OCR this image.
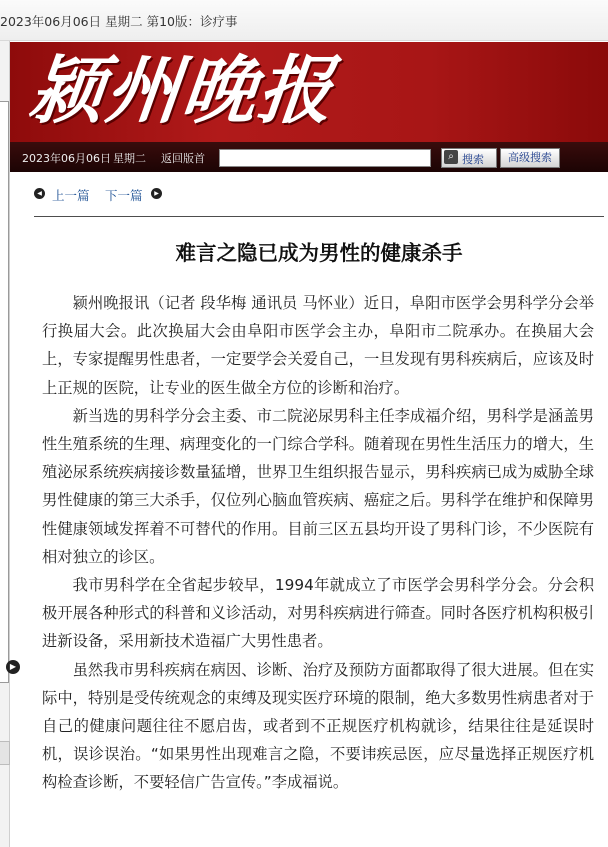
2023年06月06日 星期二 第10版：诊疗事
▶
颍州晚报
2023年06月06日 星期二 返回版首	⌕ 搜索	高级搜索
◀ 上一篇 下一篇	▶
难言之隐已成为男性的健康杀手

颍州晚报讯（记者 段华梅 通讯员 马怀业）近日，阜阳市医学会男科学分会举行换届大会。此次换届大会由阜阳市医学会主办，阜阳市二院承办。在换届大会上，专家提醒男性患者，一定要学会关爱自己，一旦发现有男科疾病后，应该及时上正规的医院，让专业的医生做全方位的诊断和治疗。

新当选的男科学分会主委、市二院泌尿男科主任李成福介绍，男科学是涵盖男性生殖系统的生理、病理变化的一门综合学科。随着现在男性生活压力的增大，生殖泌尿系统疾病接诊数量猛增，世界卫生组织报告显示，男科疾病已成为威胁全球男性健康的第三大杀手，仅位列心脑血管疾病、癌症之后。男科学在维护和保障男性健康领域发挥着不可替代的作用。目前三区五县均开设了男科门诊，不少医院有相对独立的诊区。

我市男科学在全省起步较早，1994年就成立了市医学会男科学分会。分会积极开展各种形式的科普和义诊活动，对男科疾病进行筛查。同时各医疗机构积极引进新设备，采用新技术造福广大男性患者。

虽然我市男科疾病在病因、诊断、治疗及预防方面都取得了很大进展。但在实际中，特别是受传统观念的束缚及现实医疗环境的限制，绝大多数男性病患者对于自己的健康问题往往不愿启齿，或者到不正规医疗机构就诊，结果往往是延误时机，误诊误治。“如果男性出现难言之隐，不要讳疾忌医，应尽量选择正规医疗机构检查诊断，不要轻信广告宣传。”李成福说。
